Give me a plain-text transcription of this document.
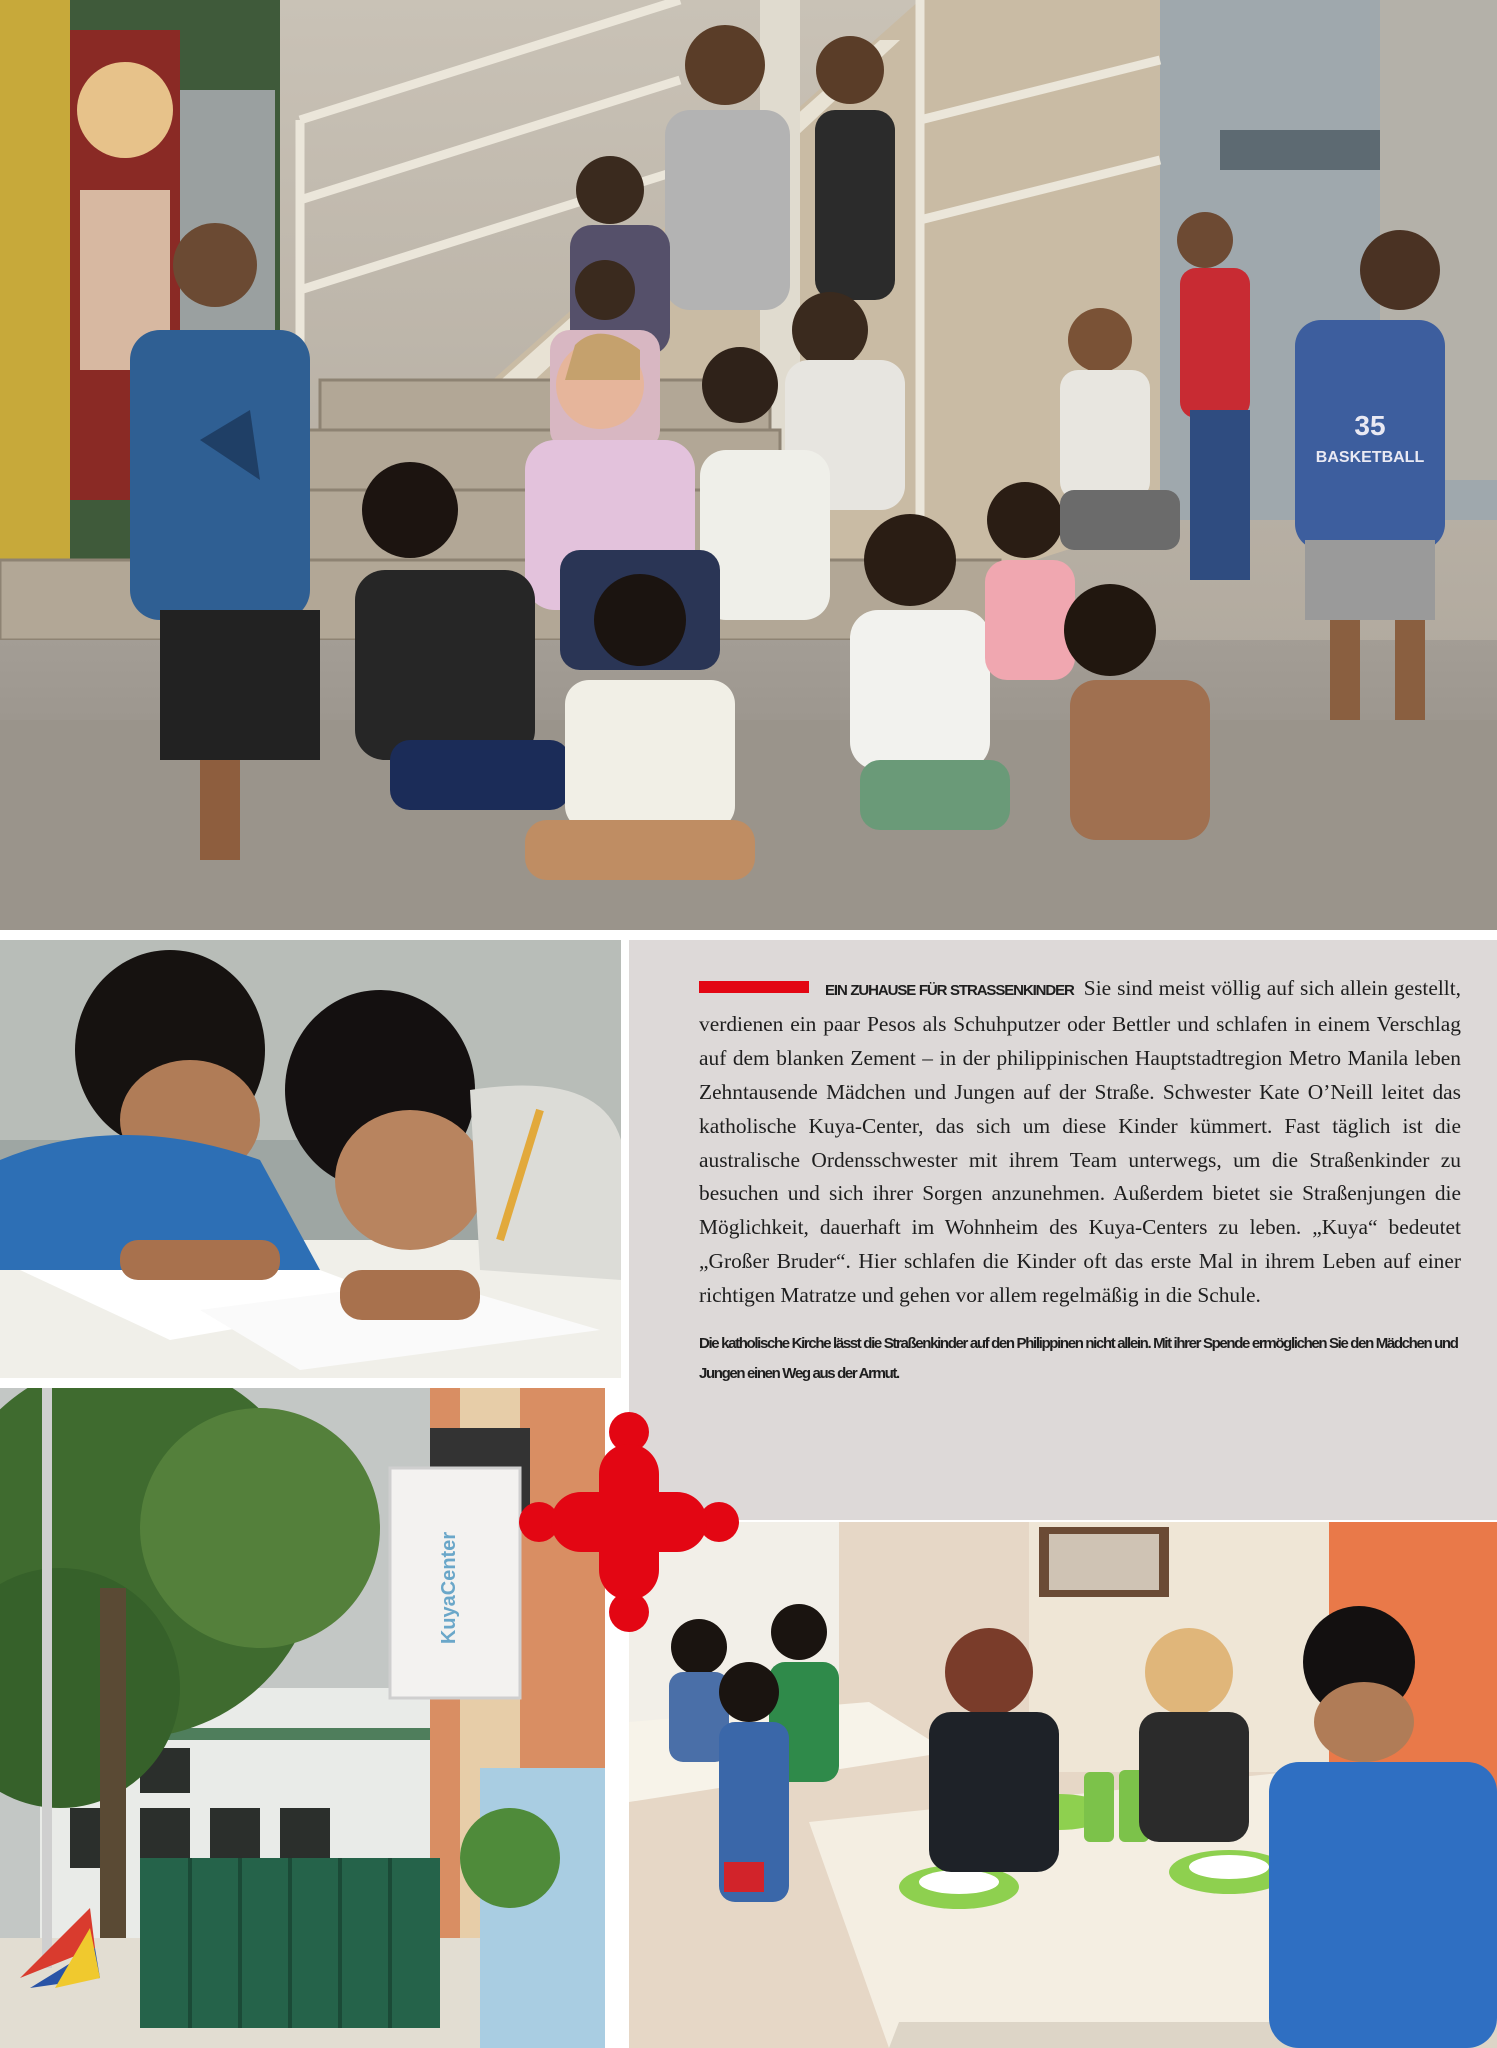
35
BASKETBALL
KuyaCenter

EIN ZUHAUSE FÜR STRASSENKINDER Sie sind meist völlig auf sich allein gestellt, verdienen ein paar Pesos als Schuhputzer oder Bettler und schlafen in einem Verschlag auf dem blanken Zement – in der philippinischen Hauptstadtregion Metro Manila leben Zehntausende Mädchen und Jungen auf der Straße. Schwester Kate O’Neill leitet das katholische Kuya-Center, das sich um diese Kinder kümmert. Fast täglich ist die australische Ordensschwester mit ihrem Team unterwegs, um die Straßenkinder zu besuchen und sich ihrer Sorgen anzunehmen. Außerdem bietet sie Straßenjungen die Möglichkeit, dauerhaft im Wohnheim des Kuya-Centers zu leben. „Kuya“ bedeutet „Großer Bruder“. Hier schlafen die Kinder oft das erste Mal in ihrem Leben auf einer richtigen Matratze und gehen vor allem regelmäßig in die Schule.

Die katholische Kirche lässt die Straßenkinder auf den Philippinen nicht allein. Mit ihrer Spende ermöglichen Sie den Mädchen und Jungen einen Weg aus der Armut.
